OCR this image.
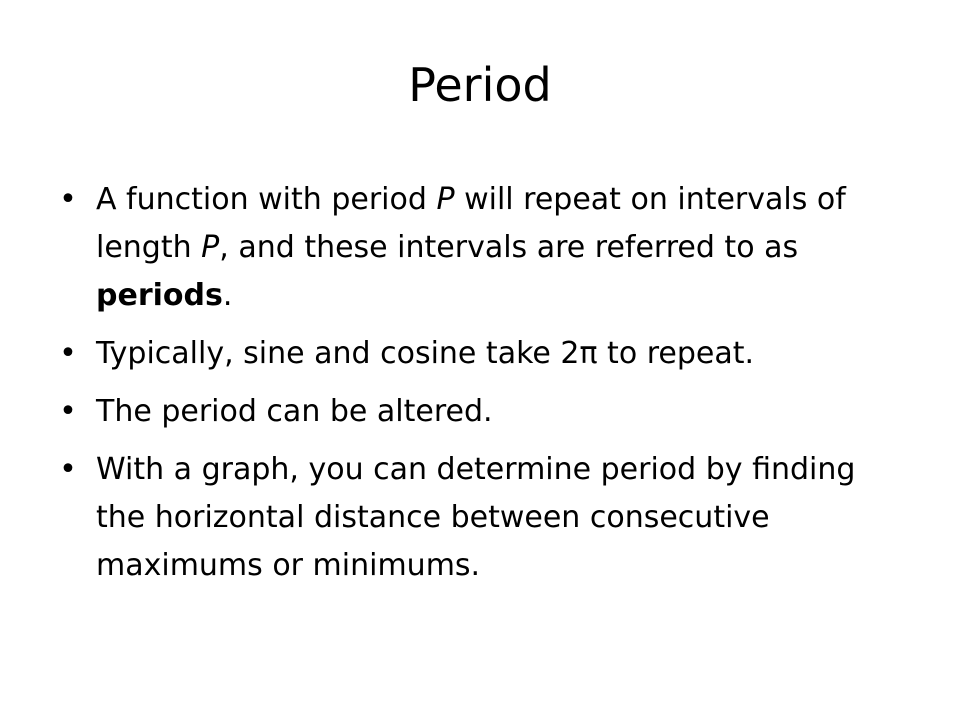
Period
• A function with period P will repeat on intervals of length P, and these intervals are referred to as periods.
• Typically, sine and cosine take 2π to repeat.
• The period can be altered.
• With a graph, you can determine period by finding the horizontal distance between consecutive maximums or minimums.
